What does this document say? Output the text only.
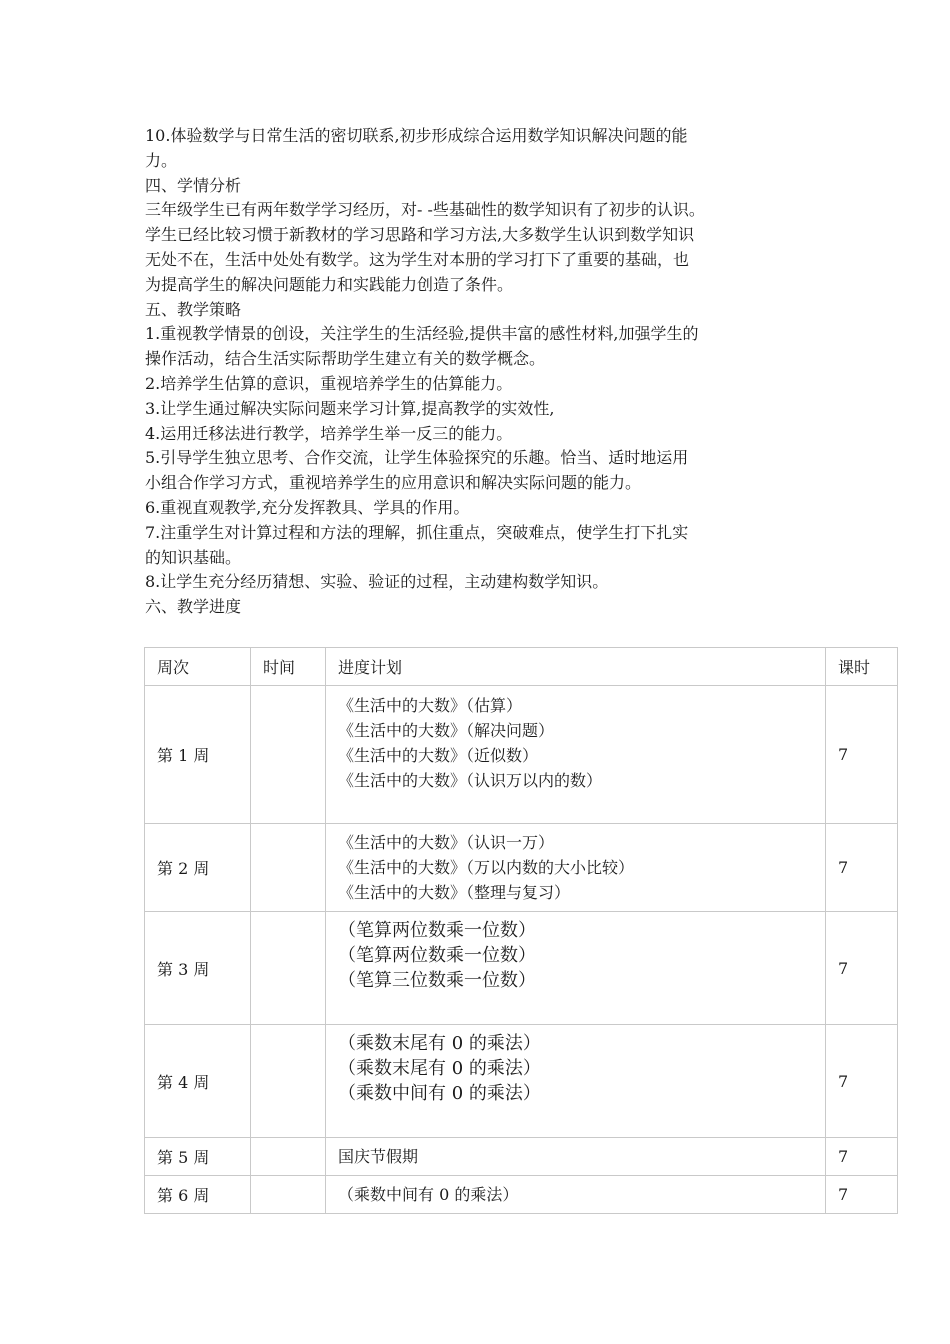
10.体验数学与日常生活的密切联系,初步形成综合运用数学知识解决问题的能

力。

四、学情分析

三年级学生已有两年数学学习经历，对- -些基础性的数学知识有了初步的认识。

学生已经比较习惯于新教材的学习思路和学习方法,大多数学生认识到数学知识

无处不在，生活中处处有数学。这为学生对本册的学习打下了重要的基础，也

为提高学生的解决问题能力和实践能力创造了条件。

五、教学策略

1.重视教学情景的创设，关注学生的生活经验,提供丰富的感性材料,加强学生的

操作活动，结合生活实际帮助学生建立有关的数学概念。

2.培养学生估算的意识，重视培养学生的估算能力。

3.让学生通过解决实际问题来学习计算,提高教学的实效性,

4.运用迁移法进行教学，培养学生举一反三的能力。

5.引导学生独立思考、合作交流，让学生体验探究的乐趣。恰当、适时地运用

小组合作学习方式，重视培养学生的应用意识和解决实际问题的能力。

6.重视直观教学,充分发挥教具、学具的作用。

7.注重学生对计算过程和方法的理解，抓住重点，突破难点，使学生打下扎实

的知识基础。

8.让学生充分经历猜想、实验、验证的过程，主动建构数学知识。

六、教学进度

周次	时间	进度计划	课时
第 1 周		《生活中的大数》（估算）
《生活中的大数》（解决问题）
《生活中的大数》（近似数）
《生活中的大数》（认识万以内的数）	7
第 2 周		《生活中的大数》（认识一万）
《生活中的大数》（万以内数的大小比较）
《生活中的大数》（整理与复习）	7
第 3 周		（笔算两位数乘一位数）
（笔算两位数乘一位数）
（笔算三位数乘一位数）	7
第 4 周		（乘数末尾有 0 的乘法）
（乘数末尾有 0 的乘法）
（乘数中间有 0 的乘法）	7
第 5 周		国庆节假期	7
第 6 周		（乘数中间有 0 的乘法）	7
